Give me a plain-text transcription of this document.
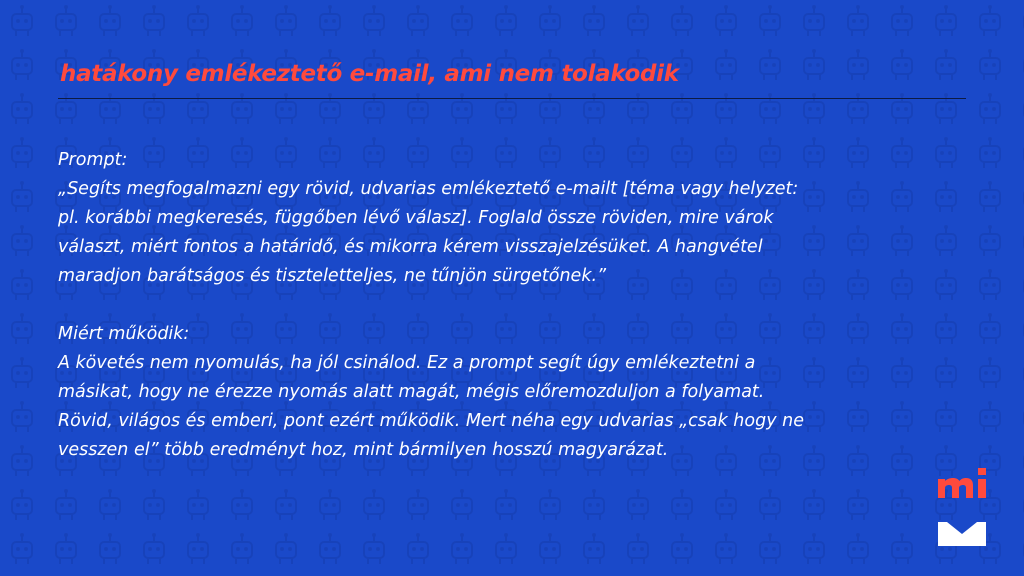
hatákony emlékeztető e-mail, ami nem tolakodik
Prompt:
„Segíts megfogalmazni egy rövid, udvarias emlékeztető e-mailt [téma vagy helyzet:
pl. korábbi megkeresés, függőben lévő válasz]. Foglald össze röviden, mire várok
választ, miért fontos a határidő, és mikorra kérem visszajelzésüket. A hangvétel
maradjon barátságos és tiszteletteljes, ne tűnjön sürgetőnek.”
Miért működik:
A követés nem nyomulás, ha jól csinálod. Ez a prompt segít úgy emlékeztetni a
másikat, hogy ne érezze nyomás alatt magát, mégis előremozduljon a folyamat.
Rövid, világos és emberi, pont ezért működik. Mert néha egy udvarias „csak hogy ne
vesszen el” több eredményt hoz, mint bármilyen hosszú magyarázat.
